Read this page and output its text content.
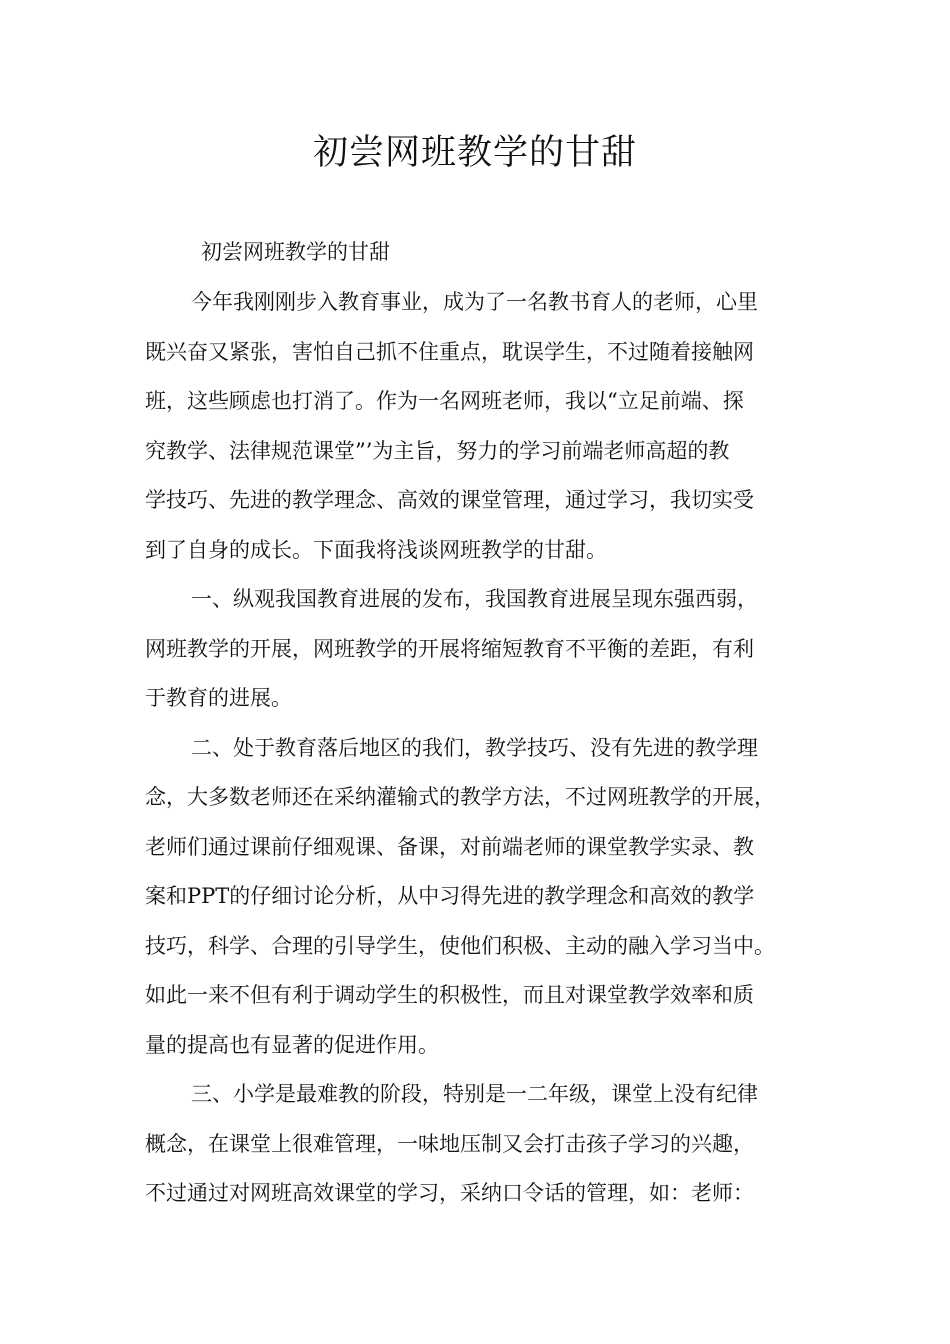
初尝网班教学的甘甜

初尝网班教学的甘甜

今年我刚刚步入教育事业，成为了一名教书育人的老师，心里

既兴奋又紧张，害怕自己抓不住重点，耽误学生，不过随着接触网

班，这些顾虑也打消了。作为一名网班老师，我以“立足前端、探

究教学、法律规范课堂”’为主旨，努力的学习前端老师高超的教

学技巧、先进的教学理念、高效的课堂管理，通过学习，我切实受

到了自身的成长。下面我将浅谈网班教学的甘甜。

一、纵观我国教育进展的发布，我国教育进展呈现东强西弱，

网班教学的开展，网班教学的开展将缩短教育不平衡的差距，有利

于教育的进展。

二、处于教育落后地区的我们，教学技巧、没有先进的教学理

念，大多数老师还在采纳灌输式的教学方法，不过网班教学的开展，

老师们通过课前仔细观课、备课，对前端老师的课堂教学实录、教

案和PPT的仔细讨论分析，从中习得先进的教学理念和高效的教学

技巧，科学、合理的引导学生，使他们积极、主动的融入学习当中。

如此一来不但有利于调动学生的积极性，而且对课堂教学效率和质

量的提高也有显著的促进作用。

三、小学是最难教的阶段，特别是一二年级，课堂上没有纪律

概念，在课堂上很难管理，一味地压制又会打击孩子学习的兴趣，

不过通过对网班高效课堂的学习，采纳口令话的管理，如：老师：
